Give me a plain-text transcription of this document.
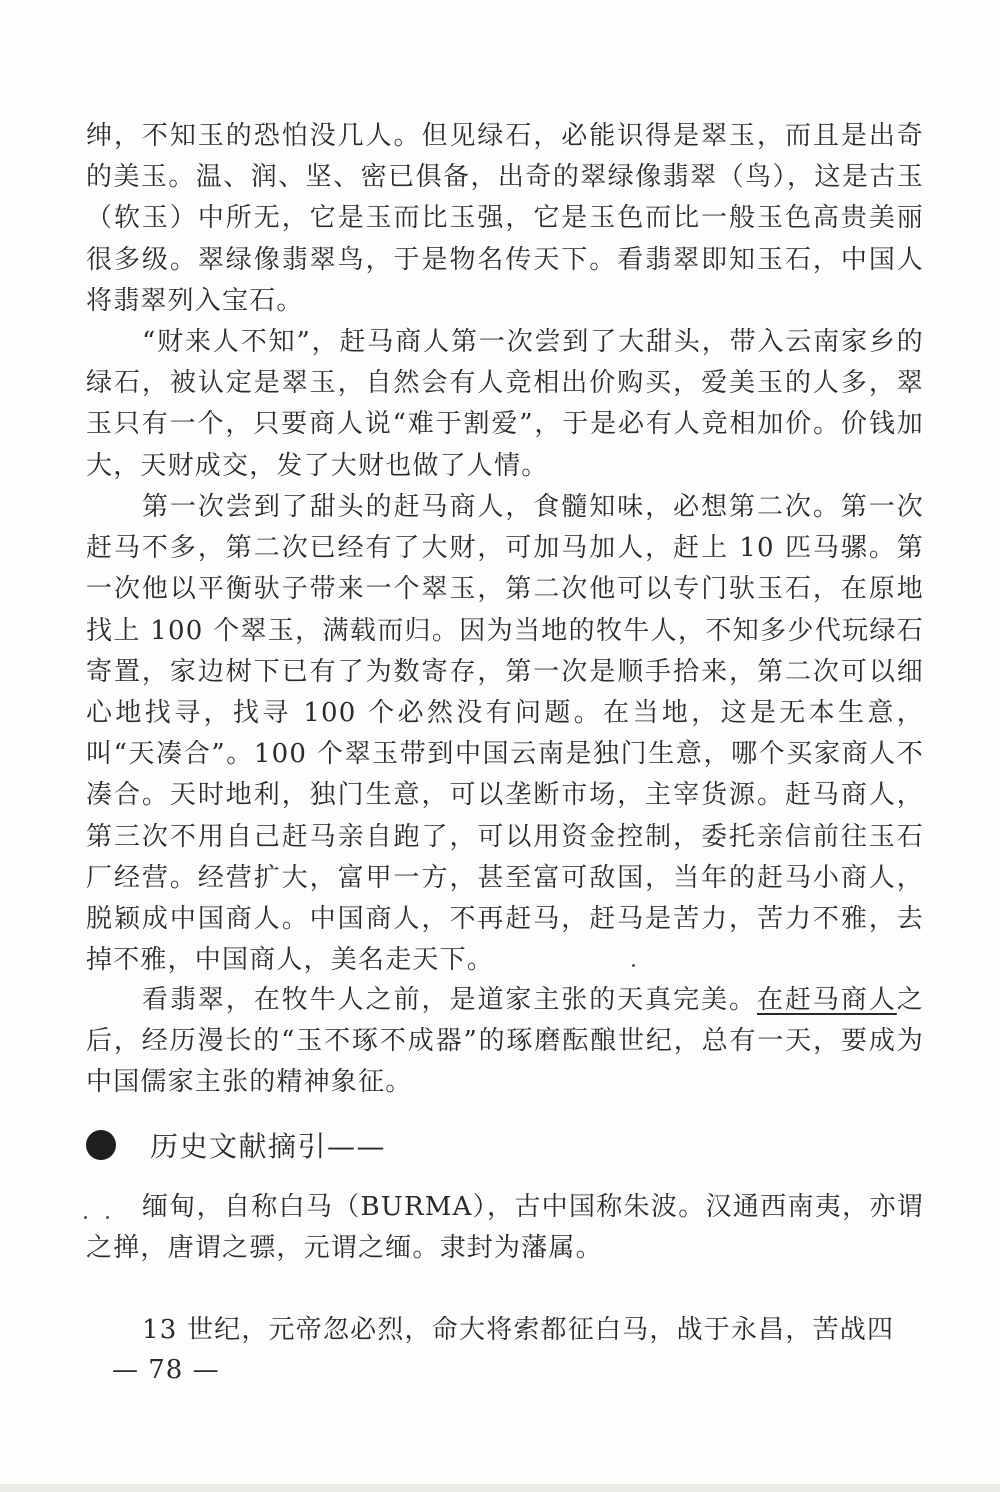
绅，不知玉的恐怕没几人。但见绿石，必能识得是翠玉，而且是出奇的美玉。温、润、坚、密已俱备，出奇的翠绿像翡翠（鸟），这是古玉（软玉）中所无，它是玉而比玉强，它是玉色而比一般玉色高贵美丽很多级。翠绿像翡翠鸟，于是物名传天下。看翡翠即知玉石，中国人将翡翠列入宝石。

“财来人不知”，赶马商人第一次尝到了大甜头，带入云南家乡的绿石，被认定是翠玉，自然会有人竞相出价购买，爱美玉的人多，翠玉只有一个，只要商人说“难于割爱”，于是必有人竞相加价。价钱加大，天财成交，发了大财也做了人情。

第一次尝到了甜头的赶马商人，食髓知味，必想第二次。第一次赶马不多，第二次已经有了大财，可加马加人，赶上 10 匹马骡。第一次他以平衡驮子带来一个翠玉，第二次他可以专门驮玉石，在原地找上 100 个翠玉，满载而归。因为当地的牧牛人，不知多少代玩绿石寄置，家边树下已有了为数寄存，第一次是顺手拾来，第二次可以细心地找寻，找寻 100 个必然没有问题。在当地，这是无本生意，叫“天凑合”。100 个翠玉带到中国云南是独门生意，哪个买家商人不凑合。天时地利，独门生意，可以垄断市场，主宰货源。赶马商人，第三次不用自己赶马亲自跑了，可以用资金控制，委托亲信前往玉石厂经营。经营扩大，富甲一方，甚至富可敌国，当年的赶马小商人，脱颖成中国商人。中国商人，不再赶马，赶马是苦力，苦力不雅，去掉不雅，中国商人，美名走天下。

看翡翠，在牧牛人之前，是道家主张的天真完美。在赶马商人之后，经历漫长的“玉不琢不成器”的琢磨酝酿世纪，总有一天，要成为中国儒家主张的精神象征。

历史文献摘引——

缅甸，自称白马（BURMA），古中国称朱波。汉通西南夷，亦谓之掸，唐谓之骠，元谓之缅。隶封为藩属。

13 世纪，元帝忽必烈，命大将索都征白马，战于永昌，苦战四

— 78 —
